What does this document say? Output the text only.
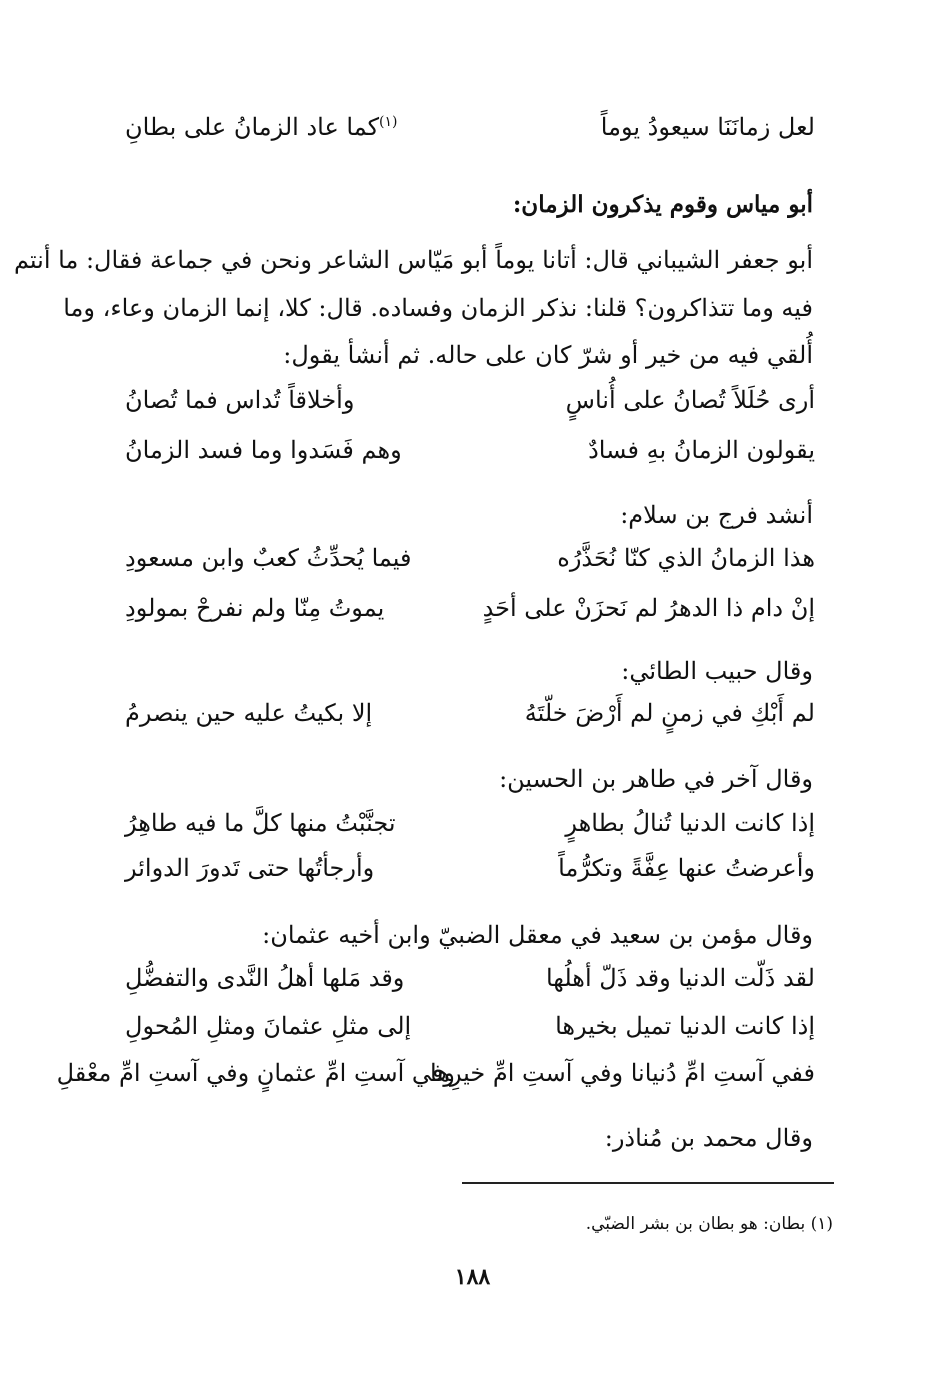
لعل زمانَنَا سيعودُ يوماً
$^{(١)}$كما عاد الزمانُ على بطانِ
أبو مياس وقوم يذكرون الزمان:
أبو جعفر الشيباني قال: أتانا يوماً أبو مَيّاس الشاعر ونحن في جماعة فقال: ما أنتم
فيه وما تتذاكرون؟ قلنا: نذكر الزمان وفساده. قال: كلا، إنما الزمان وعاء، وما
أُلقي فيه من خير أو شرّ كان على حاله. ثم أنشأ يقول:
أرى حُلَلاً تُصانُ على أُناسٍ
وأخلاقاً تُداس فما تُصانُ
يقولون الزمانُ بهِ فسادٌ
وهم فَسَدوا وما فسد الزمانُ
أنشد فرج بن سلام:
هذا الزمانُ الذي كنّا نُحَذَّرُه
فيما يُحدِّثُ كعبٌ وابن مسعودِ
إنْ دام ذا الدهرُ لم نَحزَنْ على أحَدٍ
يموتُ مِنّا ولم نفرحْ بمولودِ
وقال حبيب الطائي:
لم أَبْكِ في زمنٍ لم أَرْضَ خلّتَهُ
إلا بكيتُ عليه حين ينصرمُ
وقال آخر في طاهر بن الحسين:
إذا كانت الدنيا تُنالُ بطاهرٍ
تجنَّبْتُ منها كلَّ ما فيه طاهِرُ
وأعرضتُ عنها عِفَّةً وتكرُّماً
وأرجأتُها حتى تَدورَ الدوائر
وقال مؤمن بن سعيد في معقل الضبيّ وابن أخيه عثمان:
لقد ذَلّت الدنيا وقد ذَلّ أهلُها
وقد مَلها أهلُ النَّدى والتفضُّلِ
إذا كانت الدنيا تميل بخيرها
إلى مثلِ عثمانَ ومثلِ المُحولِ
ففي آستِ امِّ دُنيانا وفي آستِ امِّ خيرِها
وفي آستِ امِّ عثمانٍ وفي آستِ امِّ معْقلِ
وقال محمد بن مُناذر:
(١) بطان: هو بطان بن بشر الضبّي.
١٨٨
